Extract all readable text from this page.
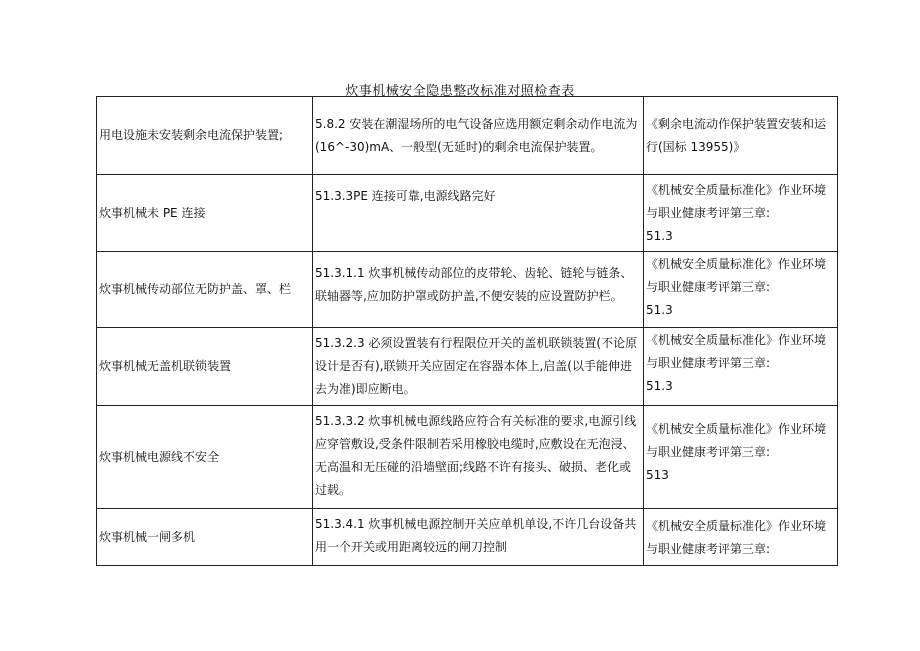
炊事机械安全隐患整改标准对照检查表
用电设施未安装剩余电流保护装置;	5.8.2 安装在潮湿场所的电气设备应选用额定剩余动作电流为(16^-30)mA、一般型(无延时)的剩余电流保护装置。	《剩余电流动作保护装置安装和运行(国标 13955)》
炊事机械未 PE 连接	51.3.3PE 连接可靠,电源线路完好	《机械安全质量标准化》作业环境与职业健康考评第三章:
51.3

炊事机械传动部位无防护盖、罩、栏	51.3.1.1 炊事机械传动部位的皮带轮、齿轮、链轮与链条、联轴器等,应加防护罩或防护盖,不便安装的应设置防护栏。	《机械安全质量标准化》作业环境与职业健康考评第三章:
51.3

炊事机械无盖机联锁装置	51.3.2.3 必须设置装有行程限位开关的盖机联锁装置(不论原设计是否有),联锁开关应固定在容器本体上,启盖(以手能伸进去为准)即应断电。	《机械安全质量标准化》作业环境与职业健康考评第三章:
51.3

炊事机械电源线不安全	51.3.3.2 炊事机械电源线路应符合有关标准的要求,电源引线应穿管敷设,受条件限制若采用橡胶电缆时,应敷设在无泡浸、无高温和无压碰的沿墙壁面;线路不许有接头、破损、老化或过载。	《机械安全质量标准化》作业环境与职业健康考评第三章:
513

炊事机械一闸多机	51.3.4.1 炊事机械电源控制开关应单机单设,不许几台设备共用一个开关或用距离较远的闸刀控制	《机械安全质量标准化》作业环境与职业健康考评第三章:
